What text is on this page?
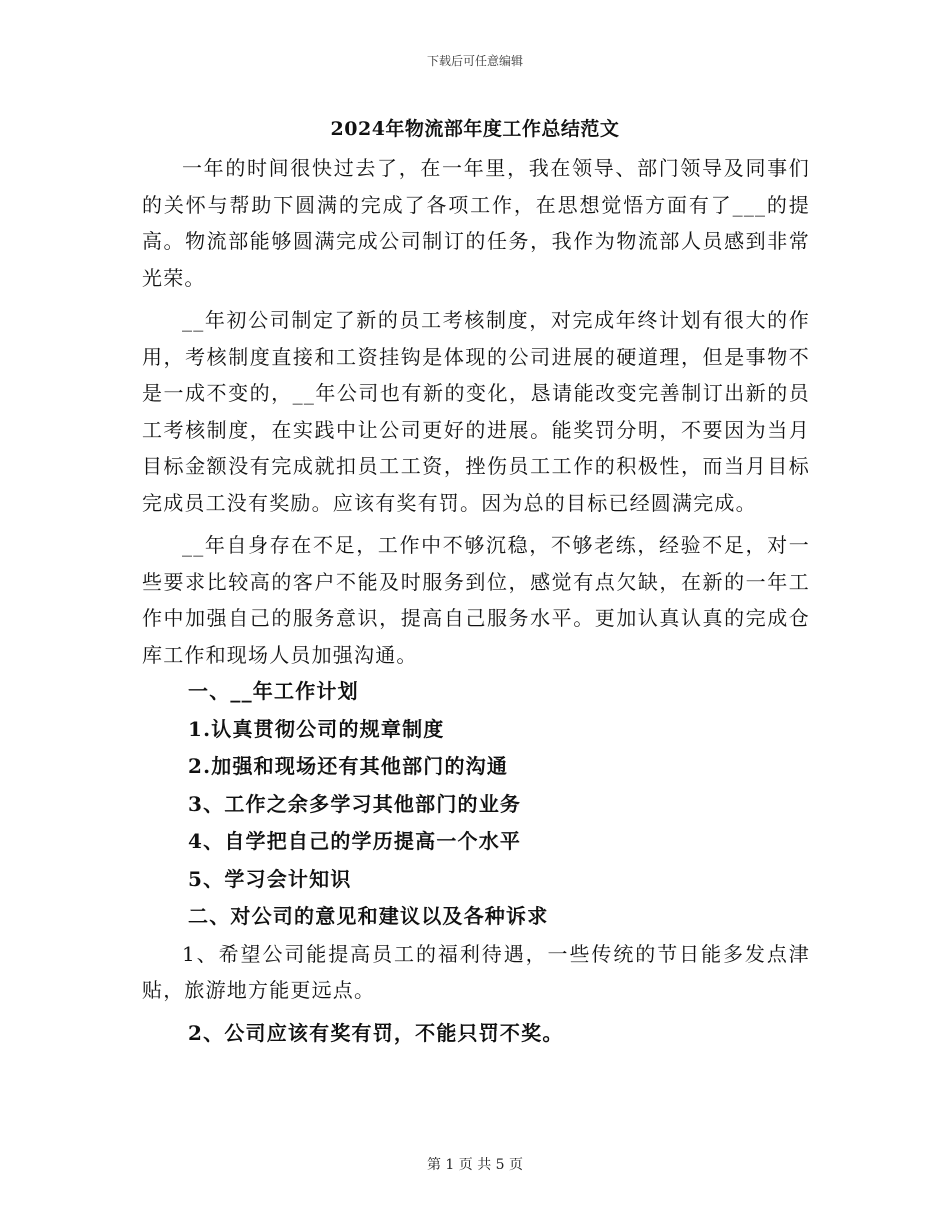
下载后可任意编辑
2024年物流部年度工作总结范文

一年的时间很快过去了，在一年里，我在领导、部门领导及同事们的关怀与帮助下圆满的完成了各项工作，在思想觉悟方面有了___的提高。物流部能够圆满完成公司制订的任务，我作为物流部人员感到非常光荣。

__年初公司制定了新的员工考核制度，对完成年终计划有很大的作用，考核制度直接和工资挂钩是体现的公司进展的硬道理，但是事物不是一成不变的，__年公司也有新的变化，恳请能改变完善制订出新的员工考核制度，在实践中让公司更好的进展。能奖罚分明，不要因为当月目标金额没有完成就扣员工工资，挫伤员工工作的积极性，而当月目标完成员工没有奖励。应该有奖有罚。因为总的目标已经圆满完成。

__年自身存在不足，工作中不够沉稳，不够老练，经验不足，对一些要求比较高的客户不能及时服务到位，感觉有点欠缺，在新的一年工作中加强自己的服务意识，提高自己服务水平。更加认真认真的完成仓库工作和现场人员加强沟通。

一、__年工作计划

1.认真贯彻公司的规章制度

2.加强和现场还有其他部门的沟通

3、工作之余多学习其他部门的业务

4、自学把自己的学历提高一个水平

5、学习会计知识

二、对公司的意见和建议以及各种诉求

1、希望公司能提高员工的福利待遇，一些传统的节日能多发点津贴，旅游地方能更远点。

2、公司应该有奖有罚，不能只罚不奖。

第 1 页 共 5 页
